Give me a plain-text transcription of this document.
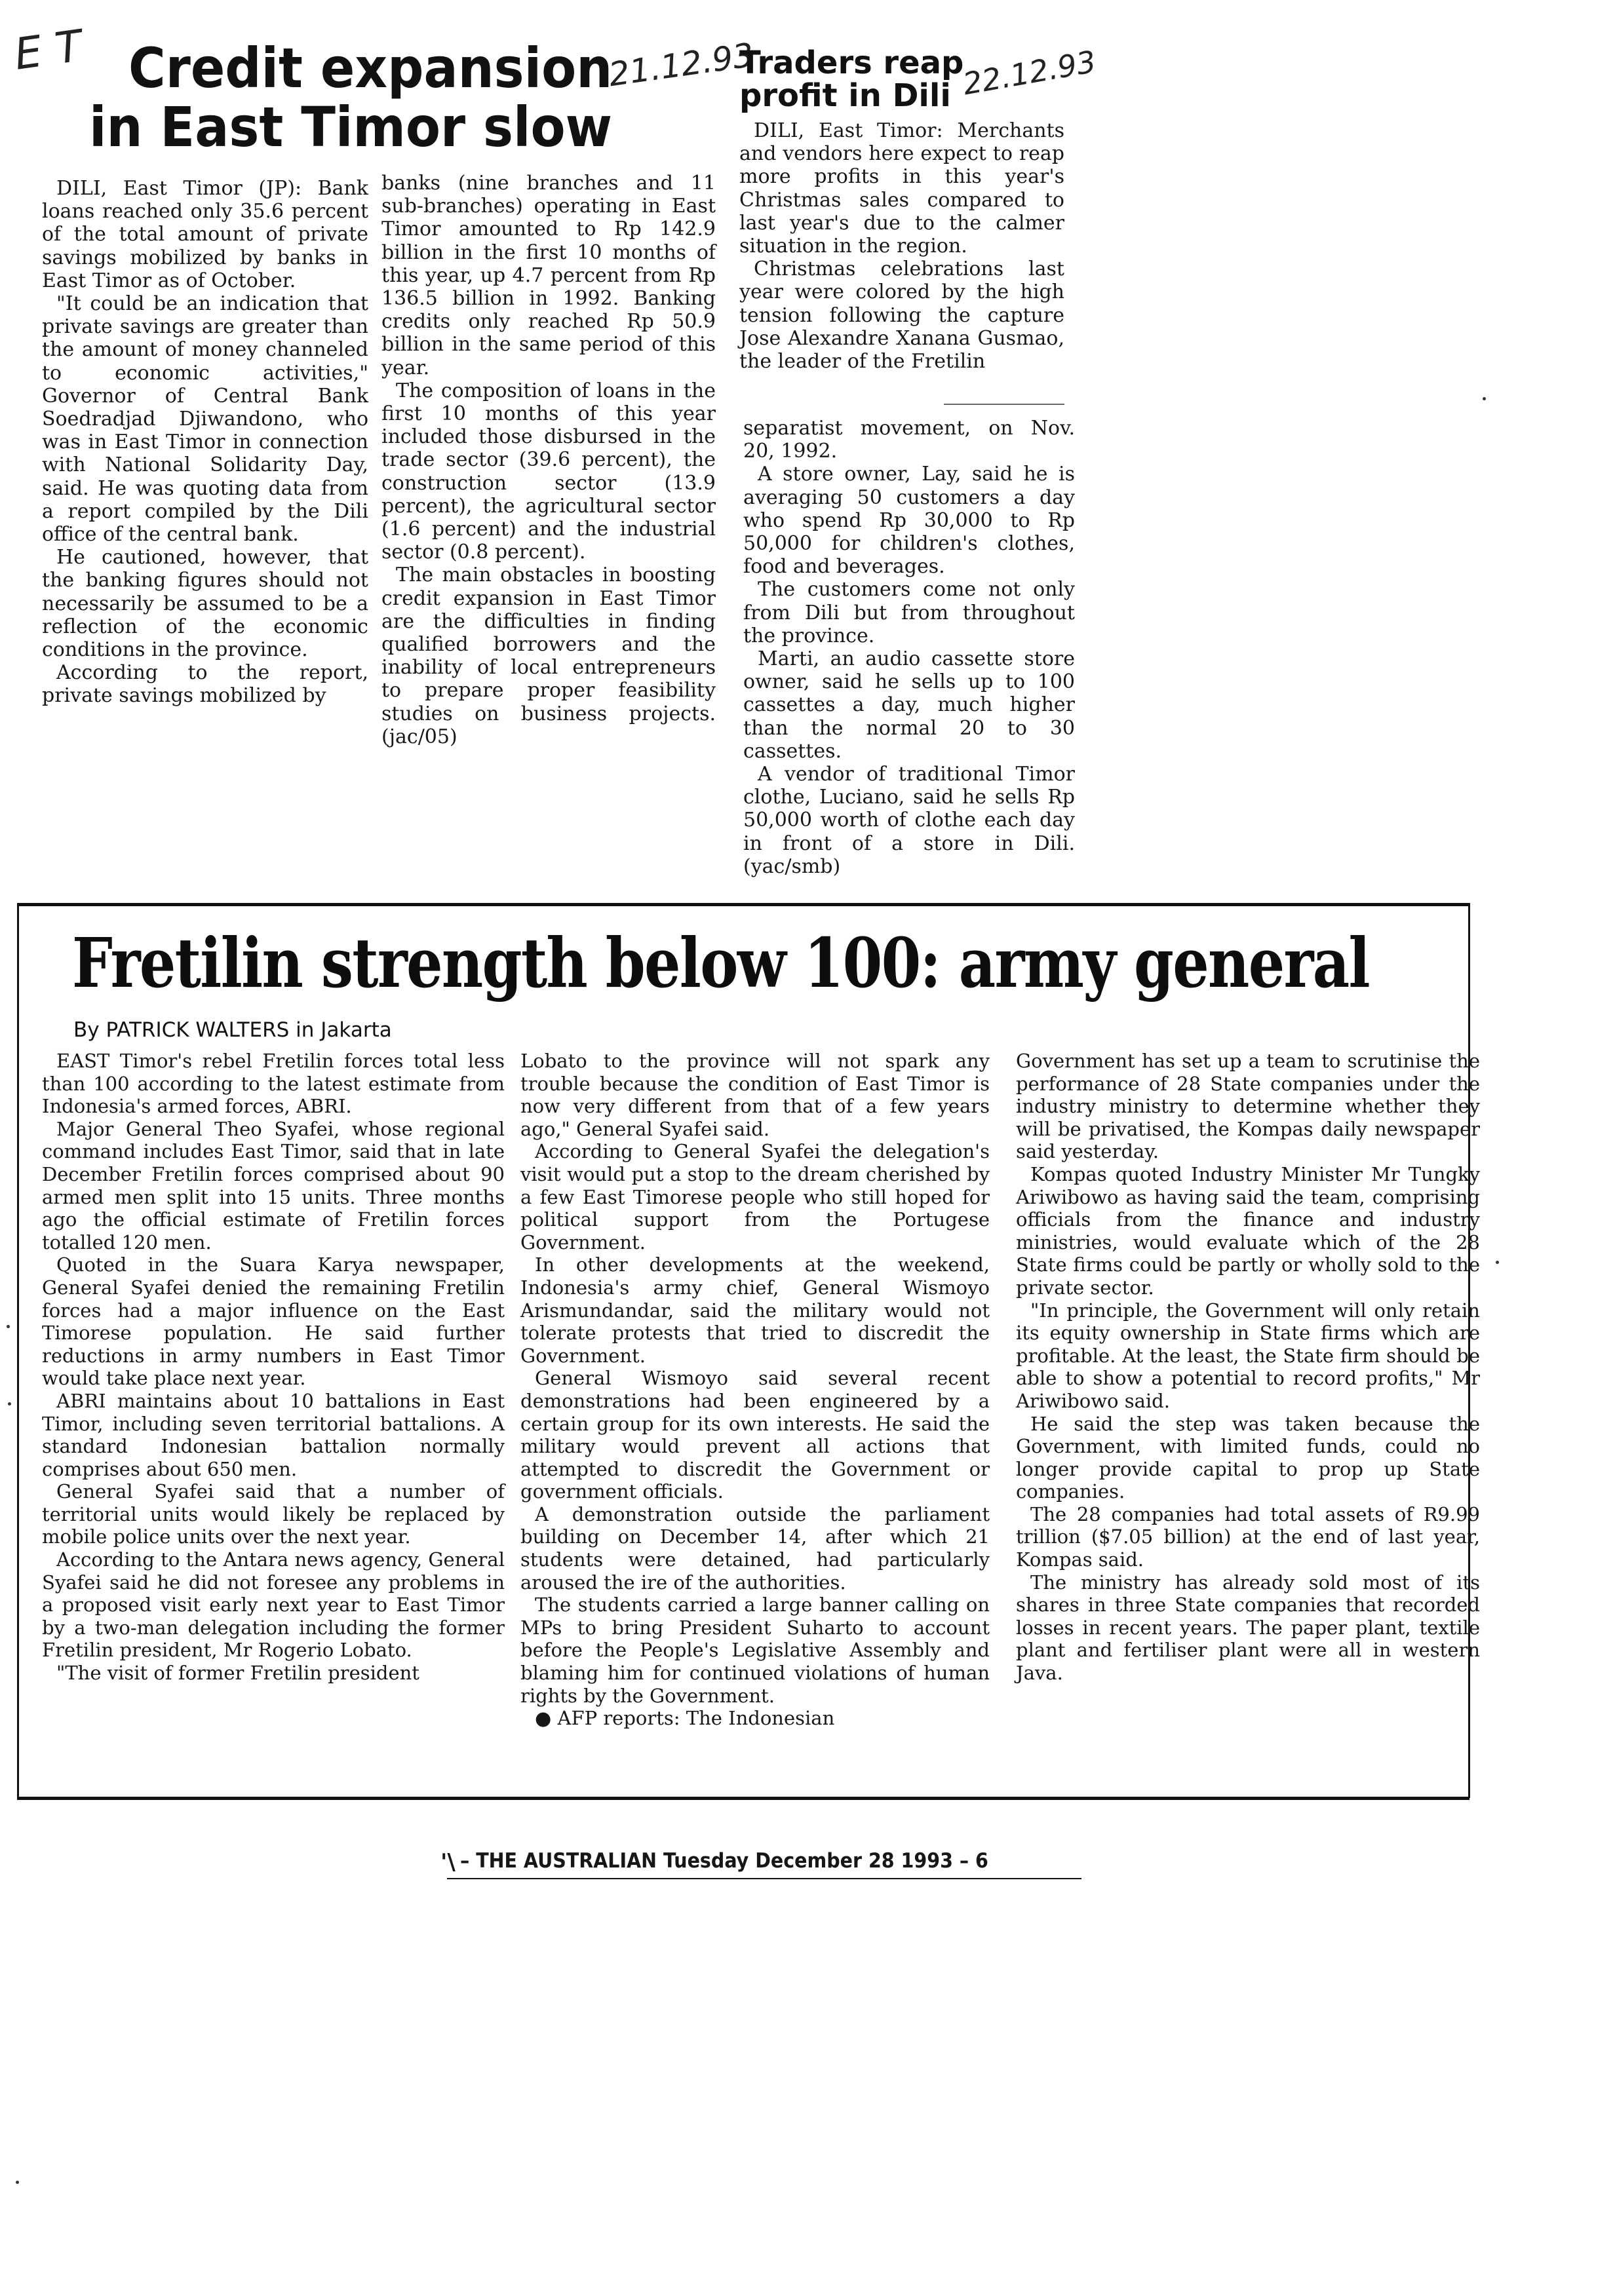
E T	21.12.93	22.12.93
Credit expansion
in East Timor slow

DILI, East Timor (JP): Bank loans reached only 35.6 percent of the total amount of private savings mobilized by banks in East Timor as of October.

"It could be an indication that private savings are greater than the amount of money channeled to economic activities," Governor of Central Bank Soedradjad Djiwandono, who was in East Timor in connection with National Solidarity Day, said. He was quoting data from a report compiled by the Dili office of the central bank.

He cautioned, however, that the banking figures should not necessarily be assumed to be a reflection of the economic conditions in the province.

According to the report, private savings mobilized by

banks (nine branches and 11 sub-branches) operating in East Timor amounted to Rp 142.9 billion in the first 10 months of this year, up 4.7 percent from Rp 136.5 billion in 1992. Banking credits only reached Rp 50.9 billion in the same period of this year.

The composition of loans in the first 10 months of this year included those disbursed in the trade sector (39.6 percent), the construction sector (13.9 percent), the agricultural sector (1.6 percent) and the industrial sector (0.8 percent).

The main obstacles in boosting credit expansion in East Timor are the difficulties in finding qualified borrowers and the inability of local entrepreneurs to prepare proper feasibility studies on business projects. (jac/05)

Traders reap
profit in Dili

DILI, East Timor: Merchants and vendors here expect to reap more profits in this year's Christmas sales compared to last year's due to the calmer situation in the region.

Christmas celebrations last year were colored by the high tension following the capture Jose Alexandre Xanana Gusmao, the leader of the Fretilin

separatist movement, on Nov. 20, 1992.

A store owner, Lay, said he is averaging 50 customers a day who spend Rp 30,000 to Rp 50,000 for children's clothes, food and beverages.

The customers come not only from Dili but from throughout the province.

Marti, an audio cassette store owner, said he sells up to 100 cassettes a day, much higher than the normal 20 to 30 cassettes.

A vendor of traditional Timor clothe, Luciano, said he sells Rp 50,000 worth of clothe each day in front of a store in Dili. (yac/smb)

Fretilin strength below 100: army general
By PATRICK WALTERS in Jakarta

EAST Timor's rebel Fretilin forces total less than 100 according to the latest estimate from Indonesia's armed forces, ABRI.

Major General Theo Syafei, whose regional command includes East Timor, said that in late December Fretilin forces comprised about 90 armed men split into 15 units. Three months ago the official estimate of Fretilin forces totalled 120 men.

Quoted in the Suara Karya newspaper, General Syafei denied the remaining Fretilin forces had a major influence on the East Timorese population. He said further reductions in army numbers in East Timor would take place next year.

ABRI maintains about 10 battalions in East Timor, including seven territorial battalions. A standard Indonesian battalion normally comprises about 650 men.

General Syafei said that a number of territorial units would likely be replaced by mobile police units over the next year.

According to the Antara news agency, General Syafei said he did not foresee any problems in a proposed visit early next year to East Timor by a two-man delegation including the former Fretilin president, Mr Rogerio Lobato.

"The visit of former Fretilin president

Lobato to the province will not spark any trouble because the condition of East Timor is now very different from that of a few years ago," General Syafei said.

According to General Syafei the delegation's visit would put a stop to the dream cherished by a few East Timorese people who still hoped for political support from the Portugese Government.

In other developments at the weekend, Indonesia's army chief, General Wismoyo Arismundandar, said the military would not tolerate protests that tried to discredit the Government.

General Wismoyo said several recent demonstrations had been engineered by a certain group for its own interests. He said the military would prevent all actions that attempted to discredit the Government or government officials.

A demonstration outside the parliament building on December 14, after which 21 students were detained, had particularly aroused the ire of the authorities.

The students carried a large banner calling on MPs to bring President Suharto to account before the People's Legislative Assembly and blaming him for continued violations of human rights by the Government.

● AFP reports: The Indonesian

Government has set up a team to scrutinise the performance of 28 State companies under the industry ministry to determine whether they will be privatised, the Kompas daily newspaper said yesterday.

Kompas quoted Industry Minister Mr Tungky Ariwibowo as having said the team, comprising officials from the finance and industry ministries, would evaluate which of the 28 State firms could be partly or wholly sold to the private sector.

"In principle, the Government will only retain its equity ownership in State firms which are profitable. At the least, the State firm should be able to show a potential to record profits," Mr Ariwibowo said.

He said the step was taken because the Government, with limited funds, could no longer provide capital to prop up State companies.

The 28 companies had total assets of R9.99 trillion ($7.05 billion) at the end of last year, Kompas said.

The ministry has already sold most of its shares in three State companies that recorded losses in recent years. The paper plant, textile plant and fertiliser plant were all in western Java.

'\ – THE AUSTRALIAN Tuesday December 28 1993 – 6
